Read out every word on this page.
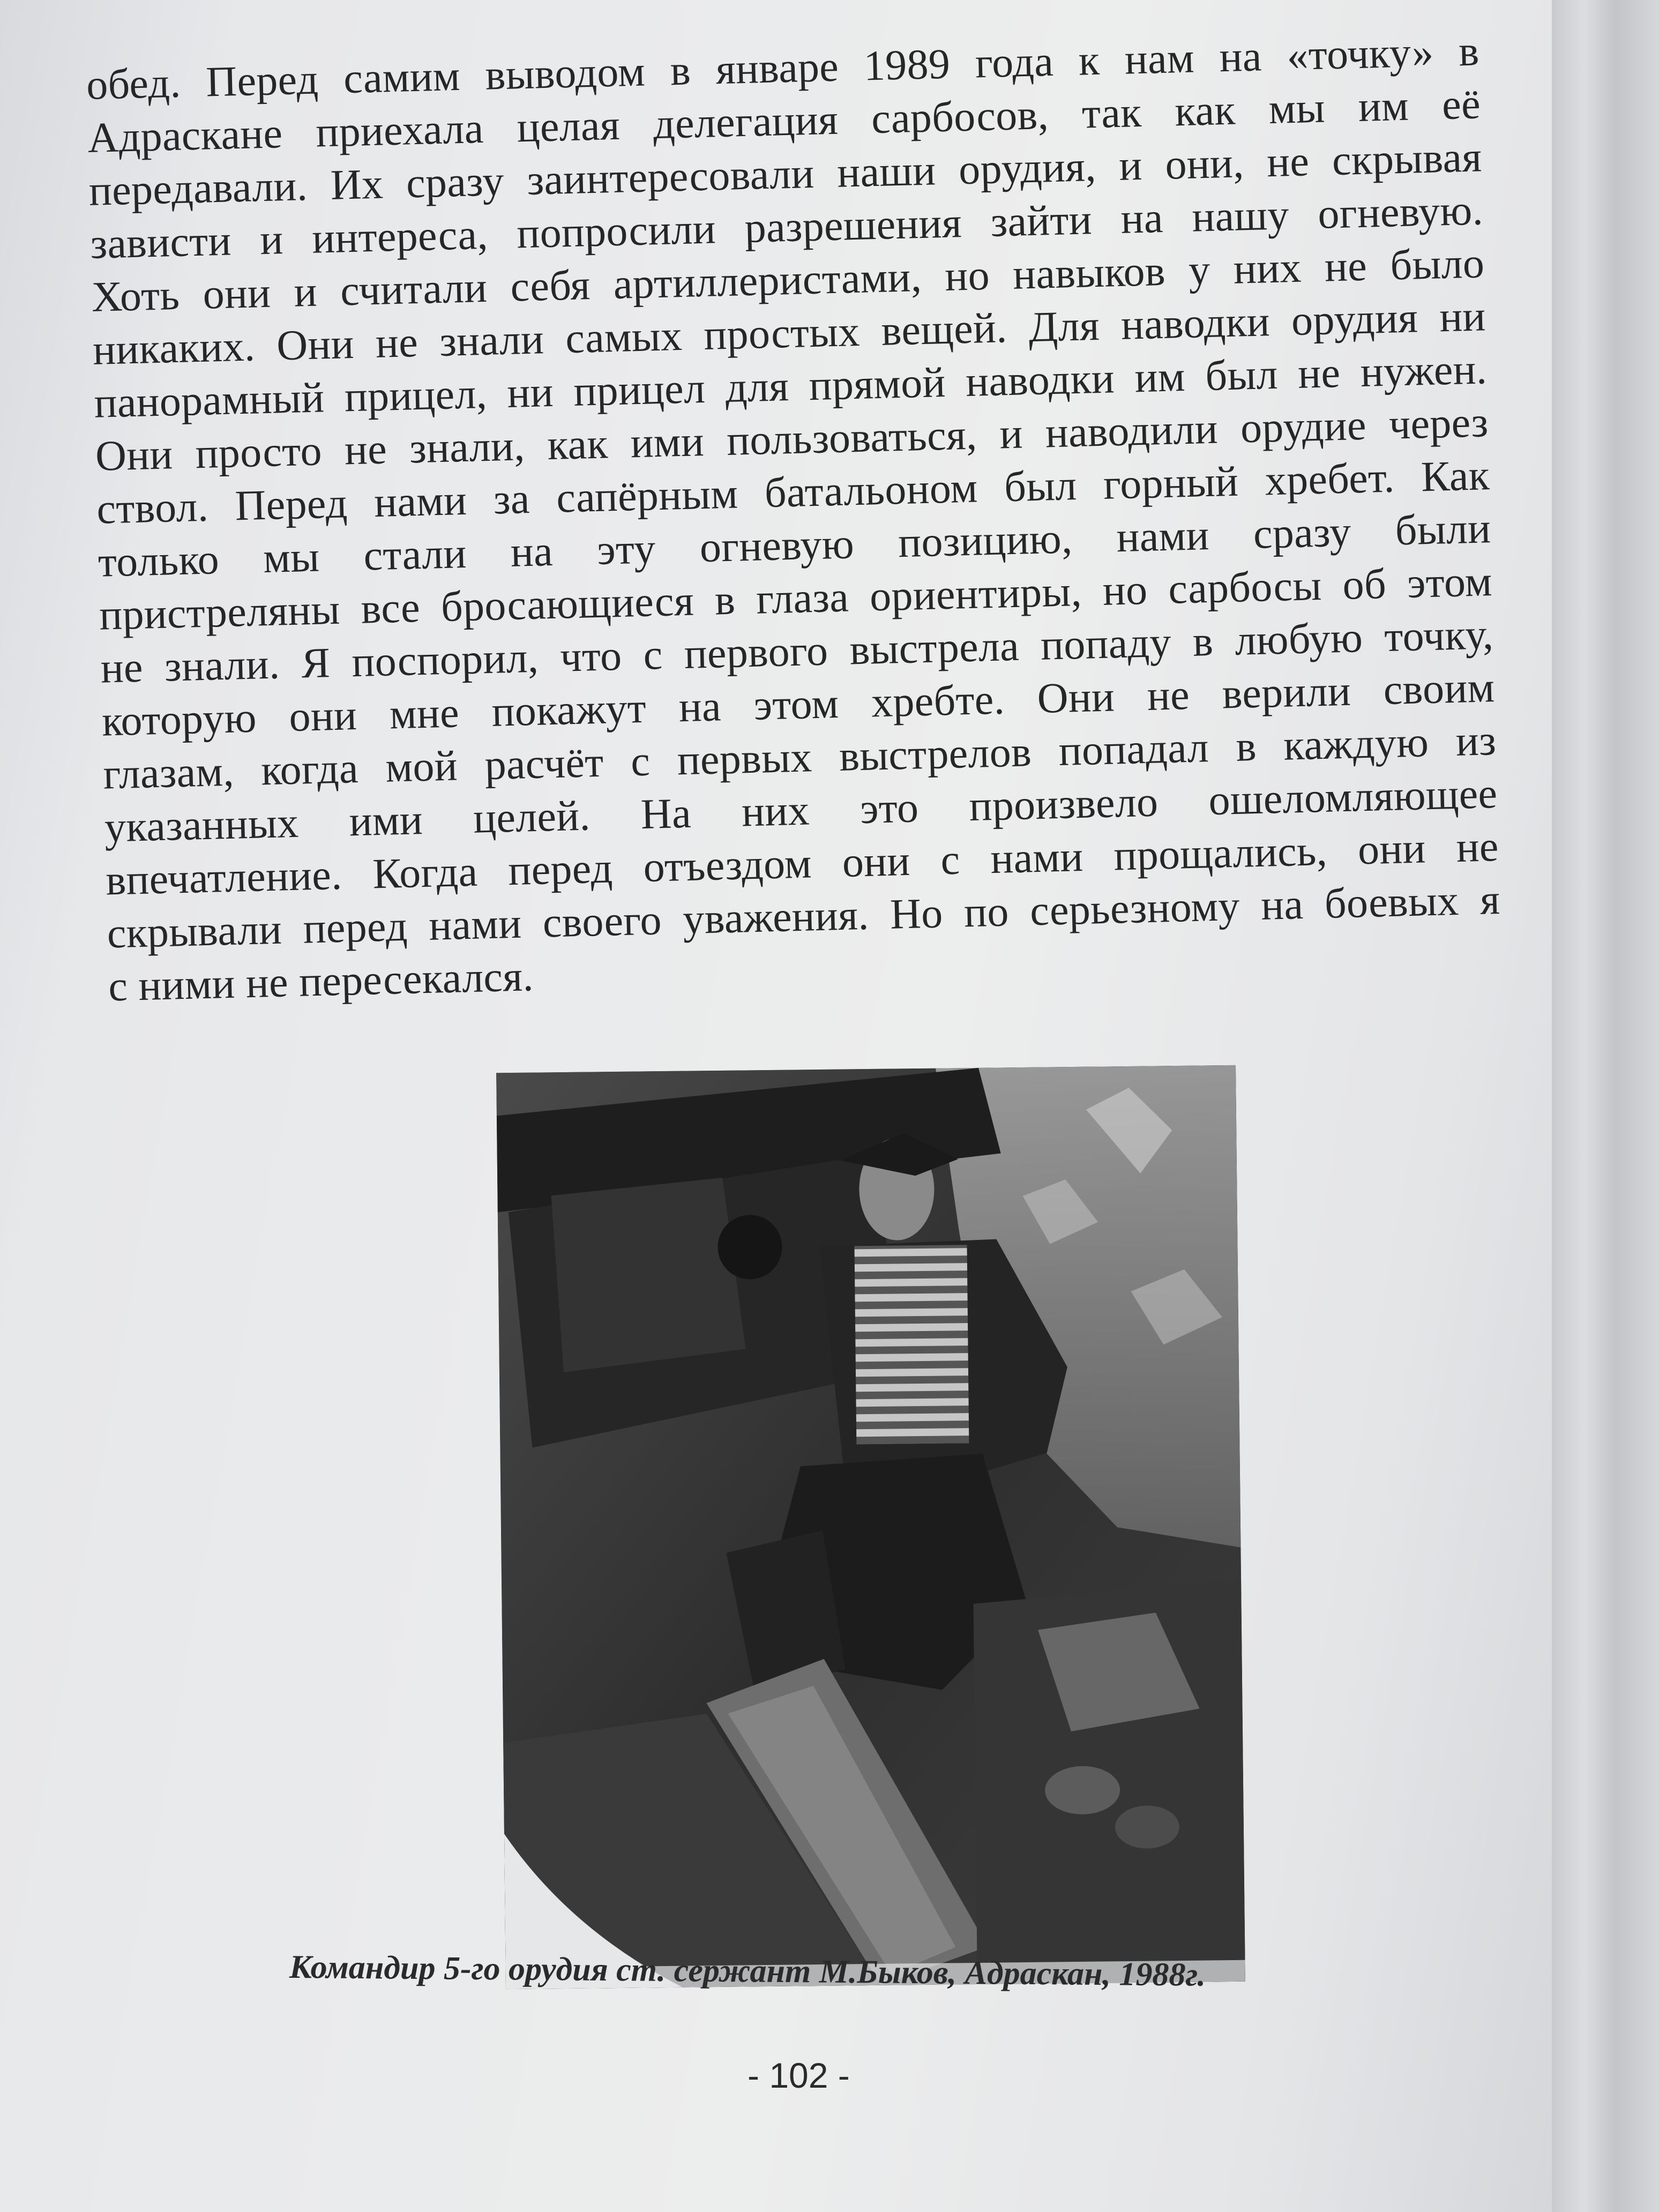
обед. Перед самим выводом в январе 1989 года к нам на «точку» в
Адраскане приехала целая делегация сарбосов, так как мы им её
передавали. Их сразу заинтересовали наши орудия, и они, не скрывая
зависти и интереса, попросили разрешения зайти на нашу огневую.
Хоть они и считали себя артиллеристами, но навыков у них не было
никаких. Они не знали самых простых вещей. Для наводки орудия ни
панорамный прицел, ни прицел для прямой наводки им был не нужен.
Они просто не знали, как ими пользоваться, и наводили орудие через
ствол. Перед нами за сапёрным батальоном был горный хребет. Как
только мы стали на эту огневую позицию, нами сразу были
пристреляны все бросающиеся в глаза ориентиры, но сарбосы об этом
не знали. Я поспорил, что с первого выстрела попаду в любую точку,
которую они мне покажут на этом хребте. Они не верили своим
глазам, когда мой расчёт с первых выстрелов попадал в каждую из
указанных ими целей. На них это произвело ошеломляющее
впечатление. Когда перед отъездом они с нами прощались, они не
скрывали перед нами своего уважения. Но по серьезному на боевых я
с ними не пересекался.
Командир 5-го орудия ст. сержант М.Быков, Адраскан, 1988г.
- 102 -
